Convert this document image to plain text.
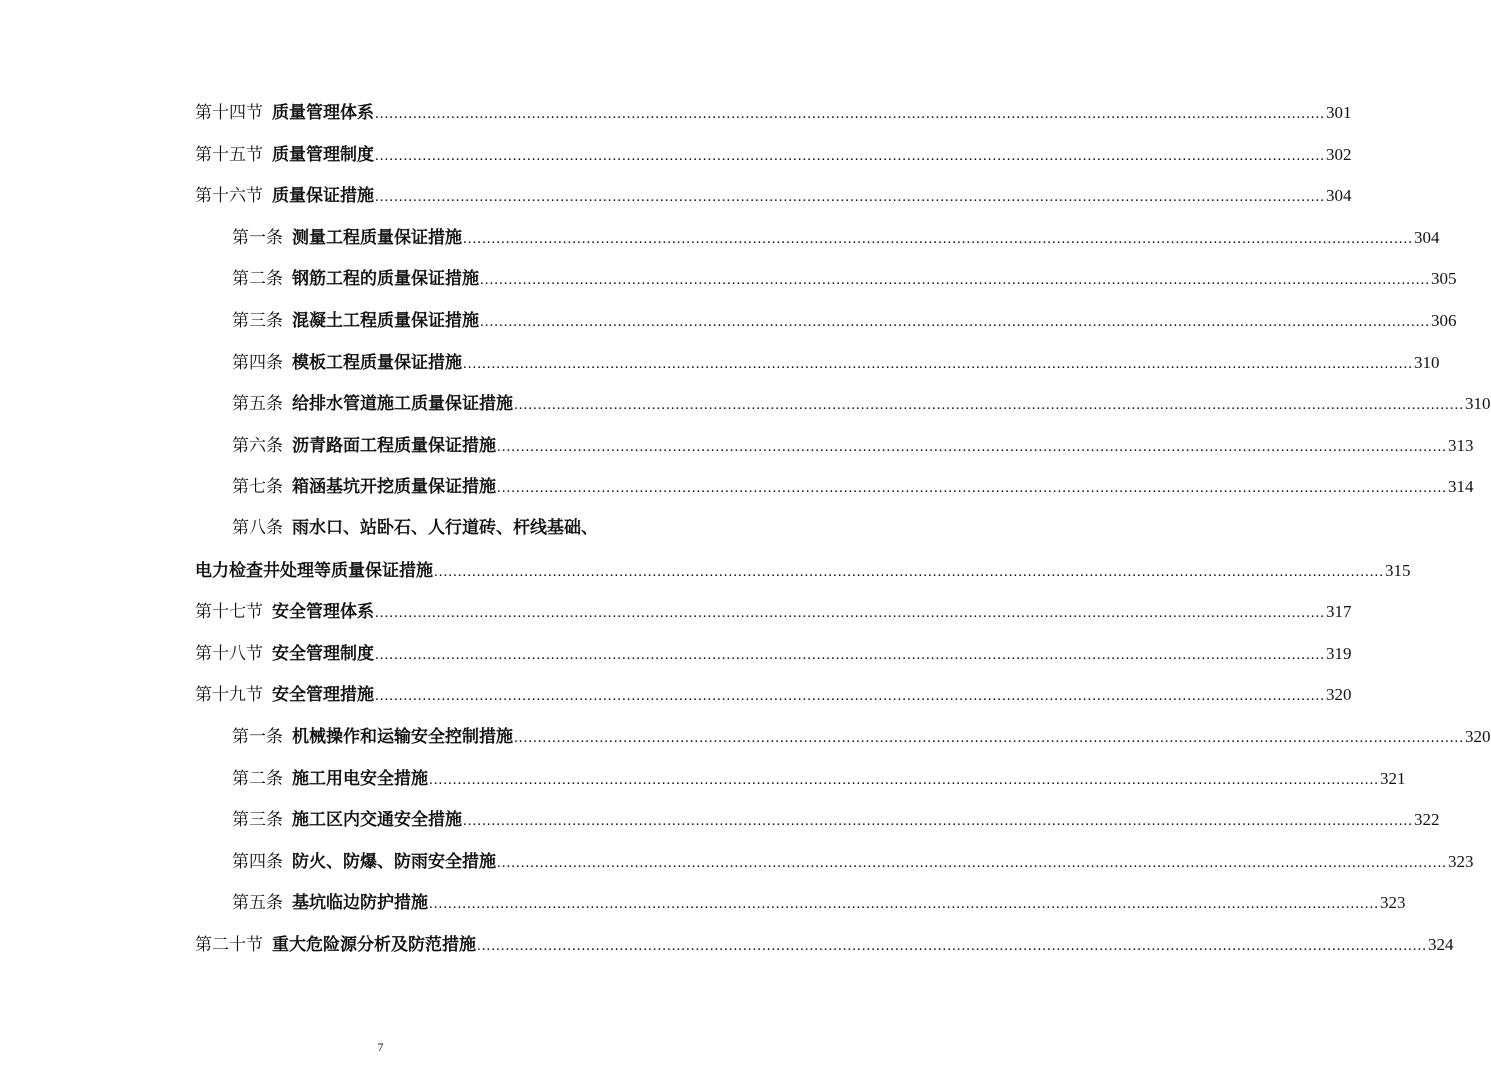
第十四节 质量管理体系 ........................................................................................................................................................................................................ 301
第十五节 质量管理制度 ........................................................................................................................................................................................................ 302
第十六节 质量保证措施 ........................................................................................................................................................................................................ 304
第一条 测量工程质量保证措施 ........................................................................................................................................................................................................ 304
第二条 钢筋工程的质量保证措施 ........................................................................................................................................................................................................ 305
第三条 混凝土工程质量保证措施 ........................................................................................................................................................................................................ 306
第四条 模板工程质量保证措施 ........................................................................................................................................................................................................ 310
第五条 给排水管道施工质量保证措施 ........................................................................................................................................................................................................ 310
第六条 沥青路面工程质量保证措施 ........................................................................................................................................................................................................ 313
第七条 箱涵基坑开挖质量保证措施 ........................................................................................................................................................................................................ 314
第八条 雨水口、站卧石、人行道砖、杆线基础、
电力检查井处理等质量保证措施 ........................................................................................................................................................................................................ 315
第十七节 安全管理体系 ........................................................................................................................................................................................................ 317
第十八节 安全管理制度 ........................................................................................................................................................................................................ 319
第十九节 安全管理措施 ........................................................................................................................................................................................................ 320
第一条 机械操作和运输安全控制措施 ........................................................................................................................................................................................................ 320
第二条 施工用电安全措施 ........................................................................................................................................................................................................ 321
第三条 施工区内交通安全措施 ........................................................................................................................................................................................................ 322
第四条 防火、防爆、防雨安全措施 ........................................................................................................................................................................................................ 323
第五条 基坑临边防护措施 ........................................................................................................................................................................................................ 323
第二十节 重大危险源分析及防范措施 ........................................................................................................................................................................................................ 324
7
